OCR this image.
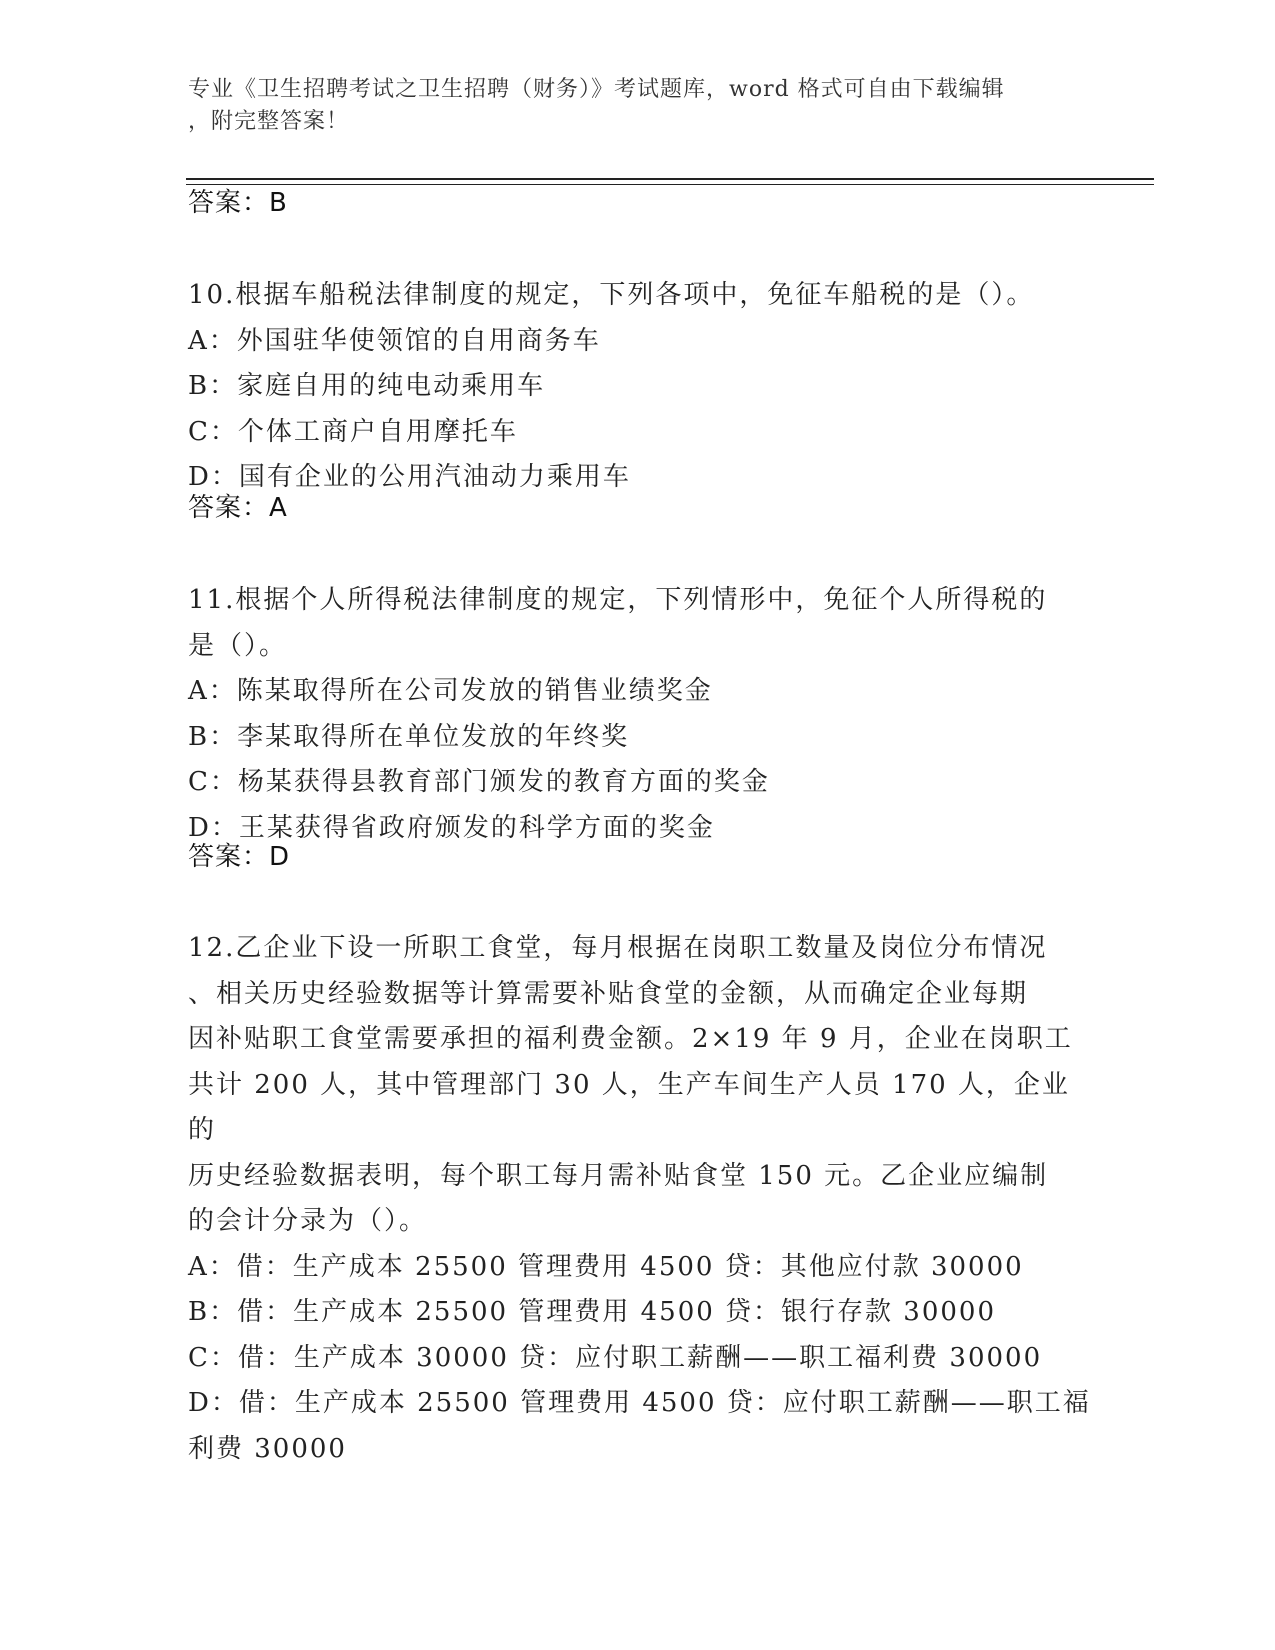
专业《卫生招聘考试之卫生招聘（财务）》考试题库，word 格式可自由下载编辑
，附完整答案！
答案：B
10.根据车船税法律制度的规定，下列各项中，免征车船税的是（）。
A：外国驻华使领馆的自用商务车
B：家庭自用的纯电动乘用车
C：个体工商户自用摩托车
D：国有企业的公用汽油动力乘用车
答案：A
11.根据个人所得税法律制度的规定，下列情形中，免征个人所得税的
是（）。
A：陈某取得所在公司发放的销售业绩奖金
B：李某取得所在单位发放的年终奖
C：杨某获得县教育部门颁发的教育方面的奖金
D：王某获得省政府颁发的科学方面的奖金
答案：D
12.乙企业下设一所职工食堂，每月根据在岗职工数量及岗位分布情况
、相关历史经验数据等计算需要补贴食堂的金额，从而确定企业每期
因补贴职工食堂需要承担的福利费金额。2×19 年 9 月，企业在岗职工
共计 200 人，其中管理部门 30 人，生产车间生产人员 170 人，企业的
历史经验数据表明，每个职工每月需补贴食堂 150 元。乙企业应编制
的会计分录为（）。
A：借：生产成本 25500 管理费用 4500 贷：其他应付款 30000
B：借：生产成本 25500 管理费用 4500 贷：银行存款 30000
C：借：生产成本 30000 贷：应付职工薪酬——职工福利费 30000
D：借：生产成本 25500 管理费用 4500 贷：应付职工薪酬——职工福
利费 30000
